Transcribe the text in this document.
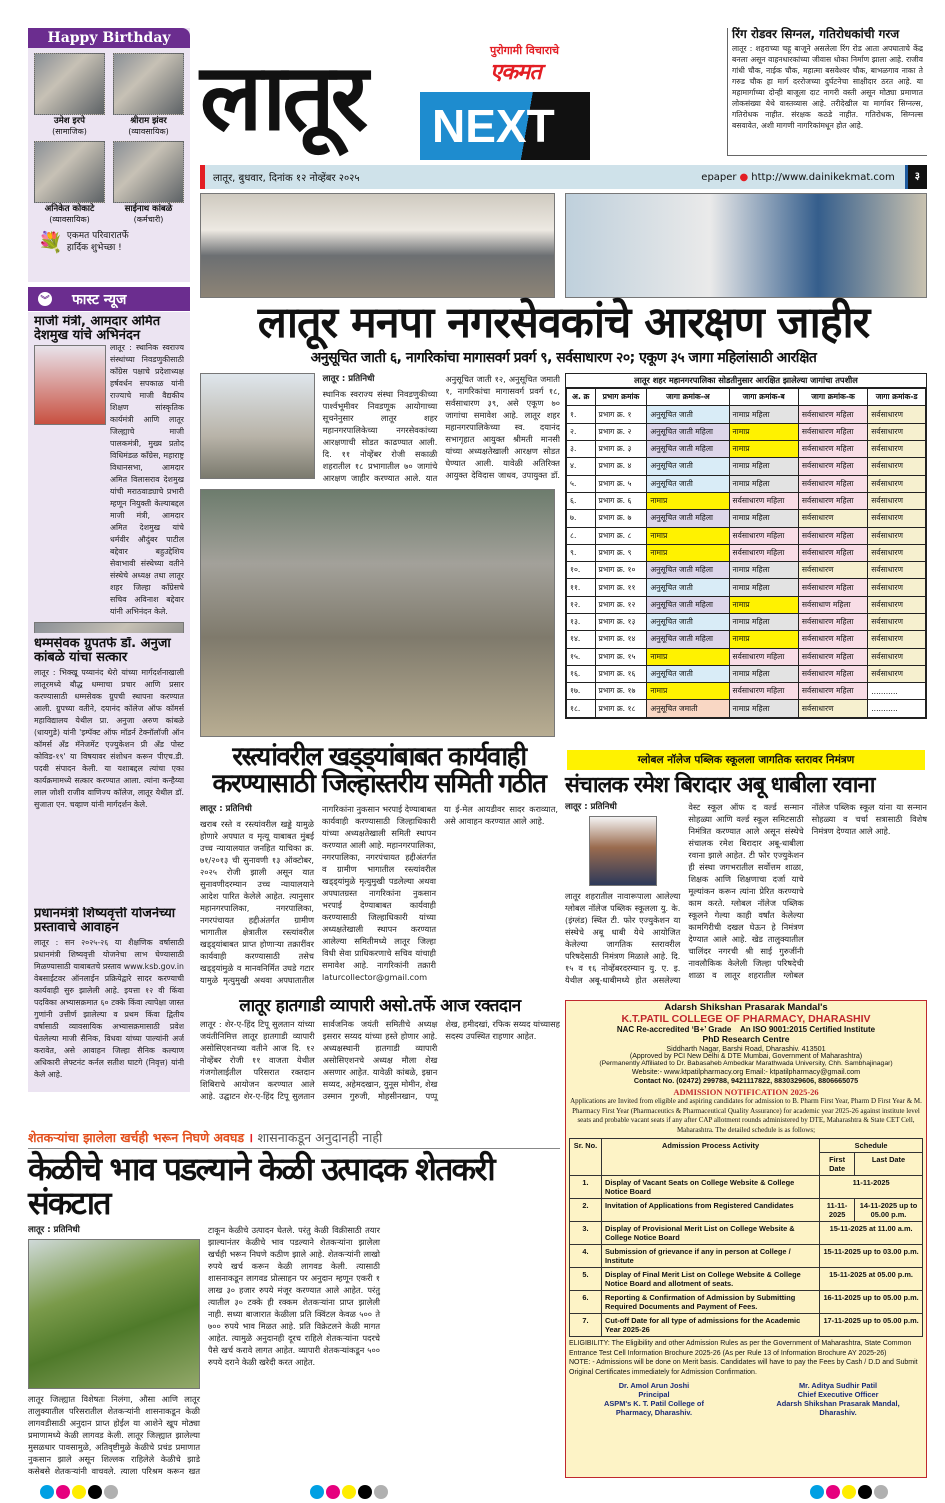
Happy Birthday
उमेश इरपे
(सामाजिक)
श्रीराम झंवर
(व्यावसायिक)
अनिकेत कोकाटे
(व्यावसायिक)
साईनाथ कांबळे
(कर्मचारी)
💐 एकमत परिवारातर्फे
हार्दिक शुभेच्छा !
︾ फास्ट न्यूज
माजी मंत्री, आमदार अमित देशमुख यांचे अभिनंदन
लातूर : स्थानिक स्वराज्य संस्थांच्या निवडणुकीसाठी काँग्रेस पक्षाचे प्रदेशाध्यक्ष हर्षवर्धन सपकाळ यांनी राज्याचे माजी वैद्यकीय शिक्षण सांस्कृतिक कार्यमंत्री आणि लातूर जिल्ह्याचे माजी पालकमंत्री, मुख्य प्रतोद विधिमंडळ काँग्रेस, महाराष्ट्र विधानसभा, आमदार अमित विलासराव देशमुख यांची मराठवाड्याचे प्रभारी म्हणून नियुक्ती केल्याबद्दल माजी मंत्री, आमदार अमित देशमुख यांचे धर्मवीर औदुंबर पाटील बद्देवार बहुउद्देशिय सेवाभावी संस्थेच्या वतीने संस्थेचे अध्यक्ष तथा लातूर शहर जिल्हा काँग्रेसचे सचिव अविनाश बद्देवार यांनी अभिनंदन केले.
धम्मसेवक ग्रुपतर्फे डॉ. अनुजा कांबळे यांचा सत्कार
लातूर : भिक्खू पय्यानंद थेरो यांच्या मार्गदर्शनाखाली लातूरमध्ये बौद्ध धम्माचा प्रचार आणि प्रसार करण्यासाठी धम्मसेवक ग्रुपची स्थापना करण्यात आली. ग्रुपच्या वतीने, दयानंद कॉलेज ऑफ कॉमर्स महाविद्यालय येथील प्रा. अनुजा अरुण कांबळे (धायगुडे) यांनी 'इम्पॅक्ट ऑफ मॉडर्न टेक्नॉलॉजी ऑन कॉमर्स अँड मॅनेजमेंट एज्युकेशन प्री अँड पोस्ट कोविड-१९' या विषयावर संशोधन करून पीएच.डी. पदवी संपादन केली. या यशाबद्दल त्यांचा एका कार्यक्रमामध्ये सत्कार करण्यात आला. त्यांना कन्हैय्या लाल जोशी राजीव वाणिज्य कॉलेज, लातूर येथील डॉ. सुजाता एन. चव्हाण यांनी मार्गदर्शन केले.
प्रधानमंत्री शिष्यवृत्ती योजनेच्या प्रस्तावाचे आवाहन
लातूर : सन २०२५-२६ या शैक्षणिक वर्षासाठी प्रधानमंत्री शिष्यवृत्ती योजनेचा लाभ घेण्यासाठी मिळण्यासाठी याबाबतचे प्रस्ताव www.ksb.gov.in वेबसाईटवर ऑनलाईन प्रक्रियेद्वारे सादर करण्याची कार्यवाही सुरु झालेली आहे. इयत्ता १२ वी किंवा पदविका अभ्यासक्रमात ६० टक्के किंवा त्यापेक्षा जास्त गुणांनी उत्तीर्ण झालेल्या व प्रथम किंवा द्वितीय वर्षासाठी व्यावसायिक अभ्यासक्रमासाठी प्रवेश घेतलेल्या माजी सैनिक, विधवा यांच्या पाल्यांनी अर्ज करावेत, असे आवाहन जिल्हा सैनिक कल्याण अधिकारी लेफ्टनंट कर्नल सतीश घाटगे (निवृत्त) यांनी केले आहे.
लातूर	पुरोगामी विचाराचे
एकमत
NEXT
रिंग रोडवर सिग्नल, गतिरोधकांची गरज
लातूर : शहराच्या चहू बाजूने असलेला रिंग रोड आता अपघाताचे केंद्र बनला असून वाहनधारकांच्या जीवास धोका निर्माण झाला आहे. राजीव गांधी चौक, नाईक चौक, महात्मा बसवेश्वर चौक, बाभळगाव नाका ते गरुड चौक हा मार्ग दररोजच्या दुर्घटनेचा साक्षीदार ठरत आहे. या महामार्गाच्या दोन्ही बाजूला दाट नागरी वस्ती असून मोठ्या प्रमाणात लोकसंख्या येथे वास्तव्यास आहे. तरीदेखील या मार्गावर सिग्नल्स, गतिरोधक नाहीत. संरक्षक कठडे नाहीत. गतिरोधक, सिग्नल्स बसवावेत, अशी मागणी नागरिकांमधून होत आहे.
लातूर, बुधवार, दिनांक १२ नोव्हेंबर २०२५	epaper ● http://www.dainikekmat.com	३
लातूर मनपा नगरसेवकांचे आरक्षण जाहीर
अनुसूचित जाती ६, नागरिकांचा मागासवर्ग प्रवर्ग ९, सर्वसाधारण २०; एकूण ३५ जागा महिलांसाठी आरक्षित
लातूर : प्रतिनिधी
स्थानिक स्वराज्य संस्था निवडणुकीच्या पार्श्वभूमीवर निवडणूक आयोगाच्या सूचनेनुसार लातूर शहर महानगरपालिकेच्या नगरसेवकांच्या आरक्षणाची सोडत काढण्यात आली. दि. ११ नोव्हेंबर रोजी सकाळी शहरातील १८ प्रभागातील ७० जागांचे आरक्षण जाहीर करण्यात आले. यात अनुसूचित जाती १२, अनुसूचित जमाती १, नागरिकांचा मागासवर्ग प्रवर्ग १८, सर्वसाधारण ३९, असे एकूण ७० जागांचा समावेश आहे. लातूर शहर महानगरपालिकेच्या स्व. दयानंद सभागृहात आयुक्त श्रीमती मानसी यांच्या अध्यक्षतेखाली आरक्षण सोडत घेण्यात आली. यावेळी अतिरिक्त आयुक्त देविदास जाधव, उपायुक्त डॉ.
लातूर शहर महानगरपालिका सोडतीनुसार आरक्षित झालेल्या जागांचा तपशील
अ. क्र	प्रभाग क्रमांक	जागा क्रमांक-अ	जागा क्रमांक-ब	जागा क्रमांक-क	जागा क्रमांक-ड
१.	प्रभाग क्र. १	अनुसूचित जाती	नामाप्र महिला	सर्वसाधारण महिला	सर्वसाधारण
२.	प्रभाग क्र. २	अनुसूचित जाती महिला	नामाप्र	सर्वसाधारण महिला	सर्वसाधारण
३.	प्रभाग क्र. ३	अनुसूचित जाती महिला	नामाप्र	सर्वसाधारण महिला	सर्वसाधारण
४.	प्रभाग क्र. ४	अनुसूचित जाती	नामाप्र महिला	सर्वसाधारण महिला	सर्वसाधारण
५.	प्रभाग क्र. ५	अनुसूचित जाती	नामाप्र महिला	सर्वसाधारण महिला	सर्वसाधारण
६.	प्रभाग क्र. ६	नामाप्र	सर्वसाधारण महिला	सर्वसाधारण महिला	सर्वसाधारण
७.	प्रभाग क्र. ७	अनुसूचित जाती महिला	नामाप्र महिला	सर्वसाधारण	सर्वसाधारण
८.	प्रभाग क्र. ८	नामाप्र	सर्वसाधारण महिला	सर्वसाधारण महिला	सर्वसाधारण
९.	प्रभाग क्र. ९	नामाप्र	सर्वसाधारण महिला	सर्वसाधारण महिला	सर्वसाधारण
१०.	प्रभाग क्र. १०	अनुसूचित जाती महिला	नामाप्र महिला	सर्वसाधारण	सर्वसाधारण
११.	प्रभाग क्र. ११	अनुसूचित जाती	नामाप्र महिला	सर्वसाधारण महिला	सर्वसाधारण
१२.	प्रभाग क्र. १२	अनुसूचित जाती महिला	नामाप्र	सर्वसाधाण महिला	सर्वसाधारण
१३.	प्रभाग क्र. १३	अनुसूचित जाती	नामाप्र महिला	सर्वसाधारण महिला	सर्वसाधारण
१४.	प्रभाग क्र. १४	अनुसूचित जाती महिला	नामाप्र	सर्वसाधारण महिला	सर्वसाधारण
१५.	प्रभाग क्र. १५	नामाप्र	सर्वसाधारण महिला	सर्वसाधारण महिला	सर्वसाधारण
१६.	प्रभाग क्र. १६	अनुसूचित जाती	नामाप्र महिला	सर्वसाधारण महिला	सर्वसाधारण
१७.	प्रभाग क्र. १७	नामाप्र	सर्वसाधारण महिला	सर्वसाधारण महिला	...........
१८.	प्रभाग क्र. १८	अनुसूचित जमाती	नामाप्र महिला	सर्वसाधारण	...........
रस्त्यांवरील खड्ड्यांबाबत कार्यवाही करण्यासाठी जिल्हास्तरीय समिती गठीत
लातूर : प्रतिनिधी
खराब रस्ते व रस्त्यांवरील खड्डे यामुळे होणारे अपघात व मृत्यू याबाबत मुंबई उच्च न्यायालयात जनहित याचिका क्र. ७१/२०१३ ची सुनावणी १३ ऑक्टोबर, २०२५ रोजी झाली असून यात सुनावणीदरम्यान उच्च न्यायालयाने आदेश पारित केलेले आहेत. त्यानुसार महानगरपालिका, नगरपालिका, नगरपंचायत हद्दीअंतर्गत ग्रामीण भागातील क्षेत्रातील रस्त्यांवरील खड्ड्यांबाबत प्राप्त होणाऱ्या तक्रारींवर कार्यवाही करण्यासाठी तसेच खड्ड्यांमुळे व मानवनिर्मित उघडे गटार यामुळे मृत्युमुखी अथवा अपघातातील नागरिकांना नुकसान भरपाई देण्याबाबत कार्यवाही करण्यासाठी जिल्हाधिकारी यांच्या अध्यक्षतेखाली समिती स्थापन करण्यात आली आहे. महानगरपालिका, नगरपालिका, नगरपंचायत हद्दीअंतर्गत व ग्रामीण भागातील रस्त्यांवरील खड्ड्यांमुळे मृत्युमुखी पडलेल्या अथवा अपघातग्रस्त नागरिकांना नुकसान भरपाई देण्याबाबत कार्यवाही करण्यासाठी जिल्हाधिकारी यांच्या अध्यक्षतेखाली स्थापन करण्यात आलेल्या समितीमध्ये लातूर जिल्हा विधी सेवा प्राधिकरणाचे सचिव यांचाही समावेश आहे. नागरिकांनी तक्रारी laturcollector@gmail.com या ई-मेल आयडीवर सादर कराव्यात, असे आवाहन करण्यात आले आहे.
ग्लोबल नॉलेज पब्लिक स्कूलला जागतिक स्तरावर निमंत्रण
संचालक रमेश बिरादार अबू धाबीला रवाना
लातूर : प्रतिनिधी
लातूर शहरातील नावारूपाला आलेल्या ग्लोबल नॉलेज पब्लिक स्कूलला यु. के. (इंग्लंड) स्थित टी. फोर एज्युकेशन या संस्थेचे अबू धाबी येथे आयोजित केलेल्या जागतिक स्तरावरील परिषदेसाठी निमंत्रण मिळाले आहे. दि. १५ व १६ नोव्हेंबरदरम्यान यु. ए. इ. येथील अबू-धाबीमध्ये होत असलेल्या वेस्ट स्कूल ऑफ द वर्ल्ड सन्मान सोहळ्या आणि वर्ल्ड स्कूल समिटसाठी निमंत्रित करण्यात आले असून संस्थेचे संचालक रमेश बिरादार अबू-धाबीला रवाना झाले आहेत. टी फोर एज्युकेशन ही संस्था जगभरातील सर्वोत्तम शाळा, शिक्षक आणि शिक्षणाचा दर्जा याचे मूल्यांकन करून त्यांना प्रेरित करण्याचे काम करते. ग्लोबल नॉलेज पब्लिक स्कूलने गेल्या काही वर्षांत केलेल्या कामगिरीची दखल घेऊन हे निमंत्रण देण्यात आले आहे. खेड तालुक्यातील चालिंदर नगरची श्री साई गुरुजींनी नावलौकिक केलेली जिल्हा परिषदेची शाळा व लातूर शहरातील ग्लोबल नॉलेज पब्लिक स्कूल यांना या सन्मान सोहळ्या व चर्चा सत्रासाठी विशेष निमंत्रण देण्यात आले आहे.
लातूर हातगाडी व्यापारी असो.तर्फे आज रक्तदान
लातूर : शेर-ए-हिंद टिपू सुलतान यांच्या जयंतीनिमित्त लातूर हातगाडी व्यापारी असोसिएशनच्या वतीने आज दि. १२ नोव्हेंबर रोजी ११ वाजता येथील गंजगोलाईतील परिसरात रक्तदान शिबिराचे आयोजन करण्यात आले आहे. उद्घाटन शेर-ए-हिंद टिपू सुलतान सार्वजनिक जयंती समितीचे अध्यक्ष इसरार सय्यद यांच्या हस्ते होणार आहे. अध्यक्षस्थानी हातगाडी व्यापारी असोसिएशनचे अध्यक्ष मौला शेख असणार आहेत. यावेळी कांबळे, इम्रान सय्यद, अहेमदखान, युनूस मोमीन, शेख उस्मान गुरुजी, मोहसीनखान, पप्पू शेख, हमीदखां, रफिक सय्यद यांच्यासह सदस्य उपस्थित राहणार आहेत.
Adarsh Shikshan Prasarak Mandal's
K.T.PATIL COLLEGE OF PHARMACY, DHARASHIV
NAC Re-accredited ‘B+’ Grade    An ISO 9001:2015 Certified Institute
PhD Research Centre
Siddharth Nagar, Barshi Road, Dharashiv. 413501
(Approved by PCI New Delhi & DTE Mumbai, Government of Maharashtra)
(Permanently Affiliated to Dr. Babasaheb Ambedkar Marathwada University, Chh. Sambhajinagar)
Website:- www.ktpatilpharmacy.org Email:- ktpatilpharmacy@gmail.com
Contact No. (02472) 299788, 9421117822, 8830329606, 8806665075
ADMISSION NOTIFICATION 2025-26
Applications are Invited from eligible and aspiring candidates for admission to B. Pharm First Year, Pharm D First Year & M. Pharmacy First Year (Pharmaceutics & Pharmaceutical Quality Assurance) for academic year 2025-26 against institute level seats and probable vacant seats if any after CAP allotment rounds administered by DTE, Maharashtra & State CET Cell, Maharashtra. The detailed schedule is as follows;
Sr. No.	Admission Process Activity	Schedule	
		First Date	Last Date
1.	Display of Vacant Seats on College Website & College Notice Board	11-11-2025	
2.	Invitation of Applications from Registered Candidates	11-11-2025	14-11-2025 up to 05.00 p.m.
3.	Display of Provisional Merit List on College Website & College Notice Board	15-11-2025 at 11.00 a.m.	
4.	Submission of grievance if any in person at College / Institute	15-11-2025 up to 03.00 p.m.	
5.	Display of Final Merit List on College Website & College Notice Board and allotment of seats.	15-11-2025 at 05.00 p.m.	
6.	Reporting & Confirmation of Admission by Submitting Required Documents and Payment of Fees.	16-11-2025 up to 05.00 p.m.	
7.	Cut-off Date for all type of admissions for the Academic Year 2025-26	17-11-2025 up to 05.00 p.m.	
ELIGIBILITY: The Eligibility and other Admission Rules as per the Government of Maharashtra, State Common Entrance Test Cell Information Brochure 2025-26 (As per Rule 13 of Information Brochure AY 2025-26)
NOTE: - Admissions will be done on Merit basis. Candidates will have to pay the Fees by Cash / D.D and Submit Original Certificates immediately for Admission Confirmation.
Dr. Amol Arun Joshi
Principal
ASPM's K. T. Patil College of
Pharmacy, Dharashiv.
Mr. Aditya Sudhir Patil
Chief Executive Officer
Adarsh Shikshan Prasarak Mandal,
Dharashiv.
शेतकऱ्यांचा झालेला खर्चही भरून निघणे अवघड । शासनाकडून अनुदानही नाही
केळीचे भाव पडल्याने केळी उत्पादक शेतकरी संकटात
लातूर : प्रतिनिधी
लातूर जिल्ह्यात विशेषतः निलंगा, औसा आणि लातूर तालुक्यातील परिसरातील शेतकऱ्यांनी शासनाकडून केळी लागवडीसाठी अनुदान प्राप्त होईल या आशेने खूप मोठ्या प्रमाणामध्ये केळी लागवड केली. लातूर जिल्ह्यात झालेल्या मुसळधार पावसामुळे, अतिवृष्टीमुळे केळीचे प्रचंड प्रमाणात नुकसान झाले असून शिल्लक राहिलेले केळीचे झाडे कसेबसे शेतकऱ्यांनी वाचवले. त्याला परिश्रम करून खत टाकून केळीचे उत्पादन घेतले. परंतु केळी विक्रीसाठी तयार झाल्यानंतर केळीचे भाव पडल्याने शेतकऱ्यांना झालेला खर्चही भरून निघणे कठीण झाले आहे. शेतकऱ्यांनी लाखो रुपये खर्च करून केळी लागवड केली. त्यासाठी शासनाकडून लागवड प्रोत्साहन पर अनुदान म्हणून एकरी १ लाख ३० हजार रुपये मंजूर करण्यात आले आहेत. परंतु त्यातील ३० टक्के ही रक्कम शेतकऱ्यांना प्राप्त झालेली नाही. सध्या बाजारात केळीला प्रति क्विंटल केवळ ५०० ते ७०० रुपये भाव मिळत आहे. प्रति विक्रेटलने केळी मागत आहेत. त्यामुळे अनुदानही दूरच राहिले शेतकऱ्यांना पदरचे पैसे खर्च करावे लागत आहेत. व्यापारी शेतकऱ्यांकडून ५०० रुपये दराने केळी खरेदी करत आहेत.
